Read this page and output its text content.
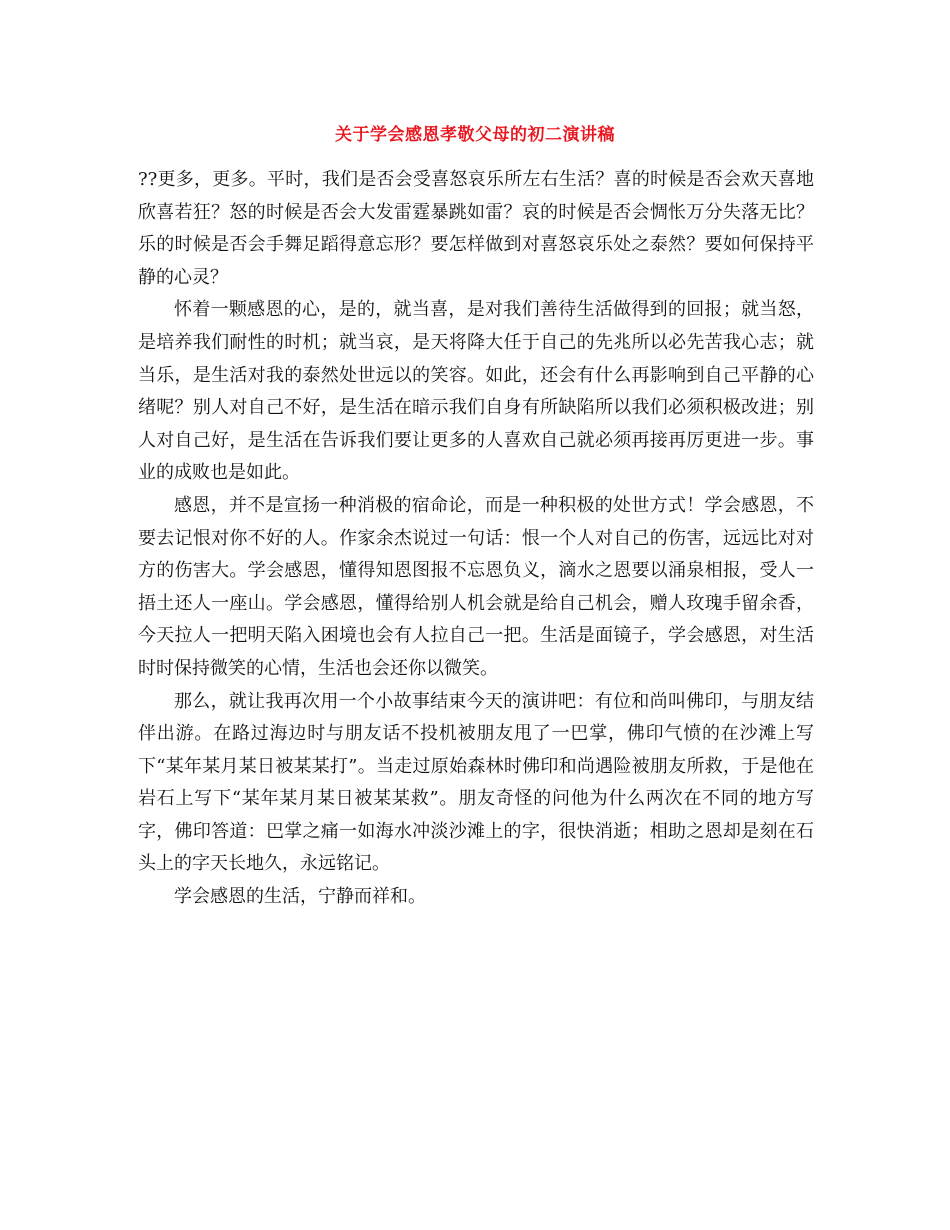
关于学会感恩孝敬父母的初二演讲稿

??更多，更多。平时，我们是否会受喜怒哀乐所左右生活？喜的时候是否会欢天喜地欣喜若狂？怒的时候是否会大发雷霆暴跳如雷？哀的时候是否会惆怅万分失落无比？乐的时候是否会手舞足蹈得意忘形？要怎样做到对喜怒哀乐处之泰然？要如何保持平静的心灵？

怀着一颗感恩的心，是的，就当喜，是对我们善待生活做得到的回报；就当怒，是培养我们耐性的时机；就当哀，是天将降大任于自己的先兆所以必先苦我心志；就当乐，是生活对我的泰然处世远以的笑容。如此，还会有什么再影响到自己平静的心绪呢？别人对自己不好，是生活在暗示我们自身有所缺陷所以我们必须积极改进；别人对自己好，是生活在告诉我们要让更多的人喜欢自己就必须再接再厉更进一步。事业的成败也是如此。

感恩，并不是宣扬一种消极的宿命论，而是一种积极的处世方式！学会感恩，不要去记恨对你不好的人。作家余杰说过一句话：恨一个人对自己的伤害，远远比对对方的伤害大。学会感恩，懂得知恩图报不忘恩负义，滴水之恩要以涌泉相报，受人一捂土还人一座山。学会感恩，懂得给别人机会就是给自己机会，赠人玫瑰手留余香，今天拉人一把明天陷入困境也会有人拉自己一把。生活是面镜子，学会感恩，对生活时时保持微笑的心情，生活也会还你以微笑。

那么，就让我再次用一个小故事结束今天的演讲吧：有位和尚叫佛印，与朋友结伴出游。在路过海边时与朋友话不投机被朋友甩了一巴掌，佛印气愤的在沙滩上写下“某年某月某日被某某打”。当走过原始森林时佛印和尚遇险被朋友所救，于是他在岩石上写下“某年某月某日被某某救”。朋友奇怪的问他为什么两次在不同的地方写字，佛印答道：巴掌之痛一如海水冲淡沙滩上的字，很快消逝；相助之恩却是刻在石头上的字天长地久，永远铭记。

学会感恩的生活，宁静而祥和。
